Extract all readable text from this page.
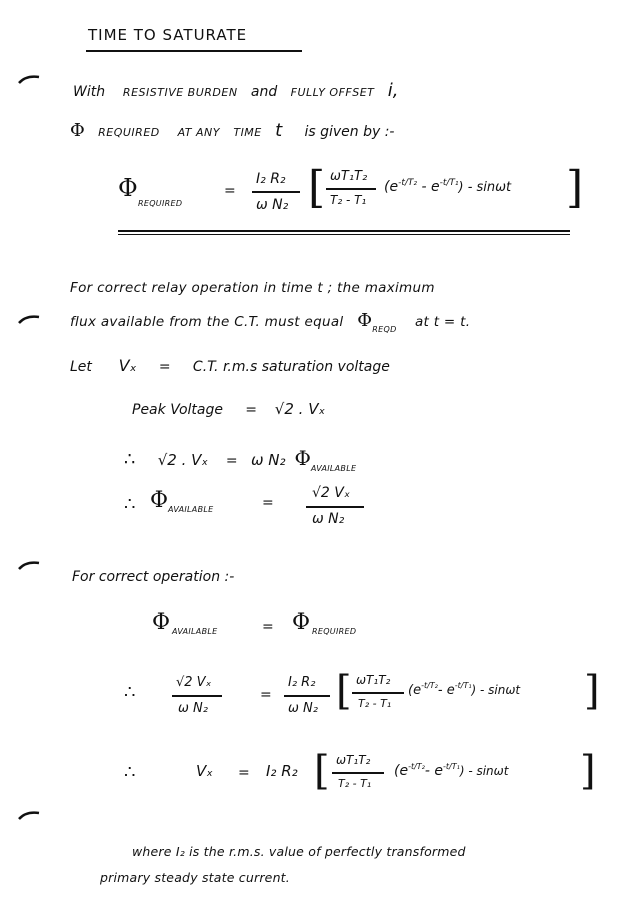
TIME TO SATURATE
With RESISTIVE BURDEN and FULLY OFFSET i,
Φ REQUIRED AT ANY TIME t is given by :-
Φ
REQUIRED
=
I₂ R₂
ω N₂ [ ωT₁T₂
T₂ - T₁
$(e^{-t/T_2} - e^{-t/T_1})$ - sinωt ]
For correct relay operation in time t ; the maximum
flux available from the C.T. must equal $\Phi_{REQD}$ at t = t.
Let Vₓ = C.T. r.m.s saturation voltage
Peak Voltage = √2 . Vₓ
∴ √2 . Vₓ = ω N₂ $\Phi_{AVAILABLE}$
∴ Φ AVAILABLE	=
√2 Vₓ
ω N₂
For correct operation :-
Φ AVAILABLE	= Φ REQUIRED
∴	√2 Vₓ
ω N₂
=
I₂ R₂
ω N₂ [ ωT₁T₂
T₂ - T₁
($e^{-t/T_2}-$ $e^{-t/T_1}$) - sinωt ]
∴	Vₓ = I₂ R₂ [ ωT₁T₂
T₂ - T₁
($e^{-t/T_2}-$ $e^{-t/T_1}$) - sinωt ]
where I₂ is the r.m.s. value of perfectly transformed
primary steady state current.
